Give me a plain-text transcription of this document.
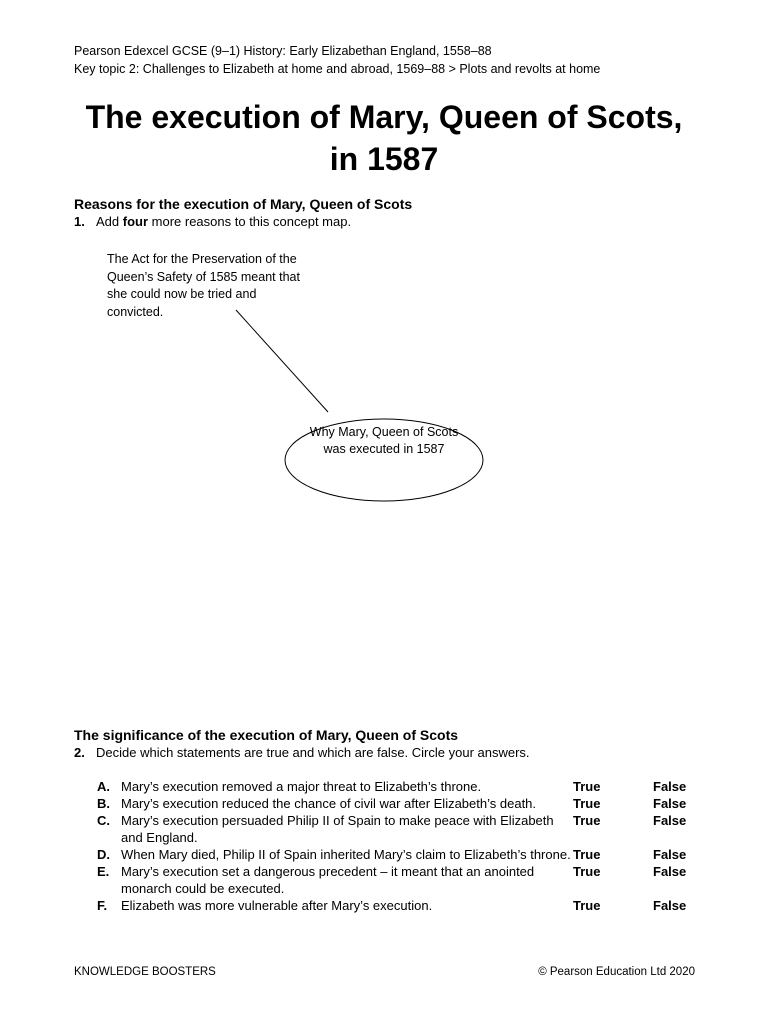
Pearson Edexcel GCSE (9–1) History: Early Elizabethan England, 1558–88
Key topic 2: Challenges to Elizabeth at home and abroad, 1569–88 > Plots and revolts at home
The execution of Mary, Queen of Scots,
in 1587
Reasons for the execution of Mary, Queen of Scots
1. Add four more reasons to this concept map.
The Act for the Preservation of the Queen’s Safety of 1585 meant that she could now be tried and convicted.
Why Mary, Queen of Scots
was executed in 1587
The significance of the execution of Mary, Queen of Scots
2. Decide which statements are true and which are false. Circle your answers.
A. Mary’s execution removed a major threat to Elizabeth’s throne.	True	False
B. Mary’s execution reduced the chance of civil war after Elizabeth’s death.	True	False
C. Mary’s execution persuaded Philip II of Spain to make peace with Elizabeth and England.
True	False
D. When Mary died, Philip II of Spain inherited Mary’s claim to Elizabeth’s throne. True	False
E. Mary’s execution set a dangerous precedent – it meant that an anointed monarch could be executed.
True	False
F.	Elizabeth was more vulnerable after Mary’s execution.	True	False
KNOWLEDGE BOOSTERS	© Pearson Education Ltd 2020
